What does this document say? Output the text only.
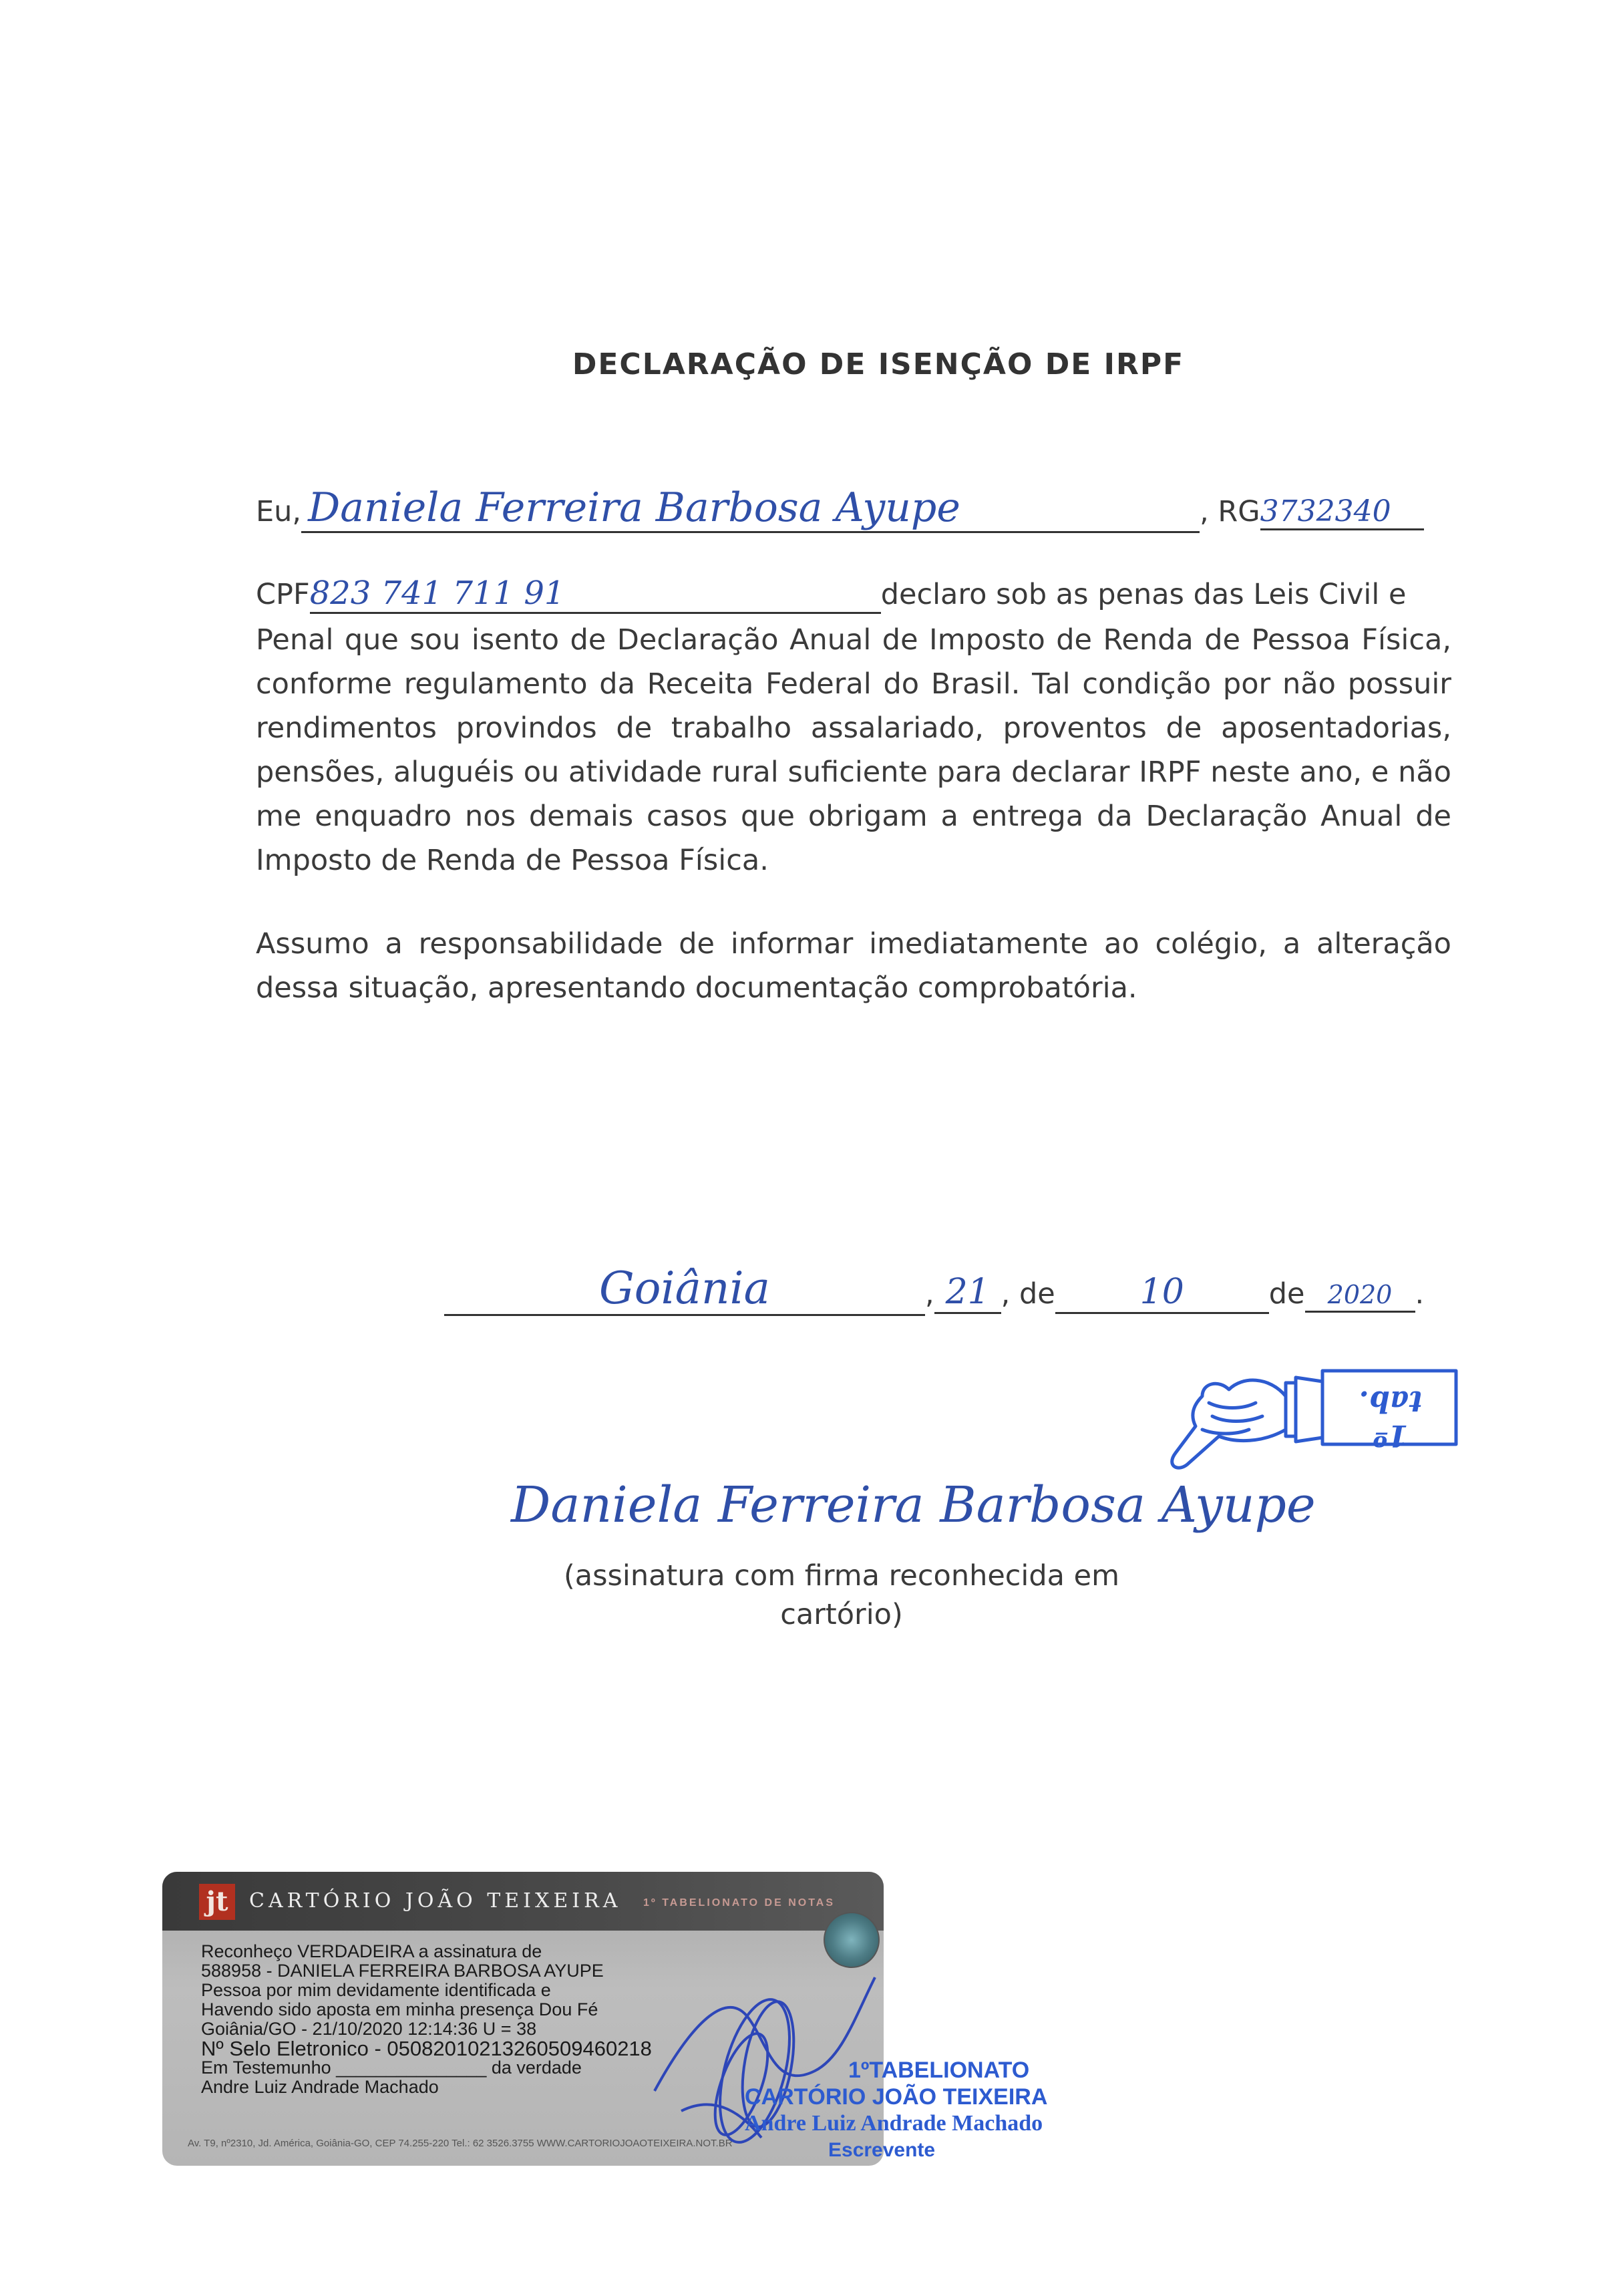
DECLARAÇÃO DE ISENÇÃO DE IRPF
Eu, Daniela Ferreira Barbosa Ayupe	, RG3732340
CPF823 741 711 91	declaro sob as penas das Leis Civil e
Penal que sou isento de Declaração Anual de Imposto de Renda de Pessoa Física, conforme regulamento da Receita Federal do Brasil. Tal condição por não possuir rendimentos provindos de trabalho assalariado, proventos de aposentadorias, pensões, aluguéis ou atividade rural suficiente para declarar IRPF neste ano, e não me enquadro nos demais casos que obrigam a entrega da Declaração Anual de Imposto de Renda de Pessoa Física.
Assumo a responsabilidade de informar imediatamente ao colégio, a alteração dessa situação, apresentando documentação comprobatória.
Goiânia	, 21 , de 10	de 2020 .
1º tab.
Daniela Ferreira Barbosa Ayupe
(assinatura com firma reconhecida em cartório)
jt	CARTÓRIO JOÃO TEIXEIRA 1º TABELIONATO DE NOTAS
Reconheço VERDADEIRA a assinatura de
588958 - DANIELA FERREIRA BARBOSA AYUPE
Pessoa por mim devidamente identificada e
Havendo sido aposta em minha presença Dou Fé
Goiânia/GO - 21/10/2020 12:14:36 U = 38
Nº Selo Eletronico - 05082010213260509460218
Em Testemunho _______________ da verdade
Andre Luiz Andrade Machado
Av. T9, nº2310, Jd. América, Goiânia-GO, CEP 74.255-220 Tel.: 62 3526.3755 WWW.CARTORIOJOAOTEIXEIRA.NOT.BR
1ºTABELIONATO
CARTÓRIO JOÃO TEIXEIRA
Andre Luiz Andrade Machado
Escrevente
